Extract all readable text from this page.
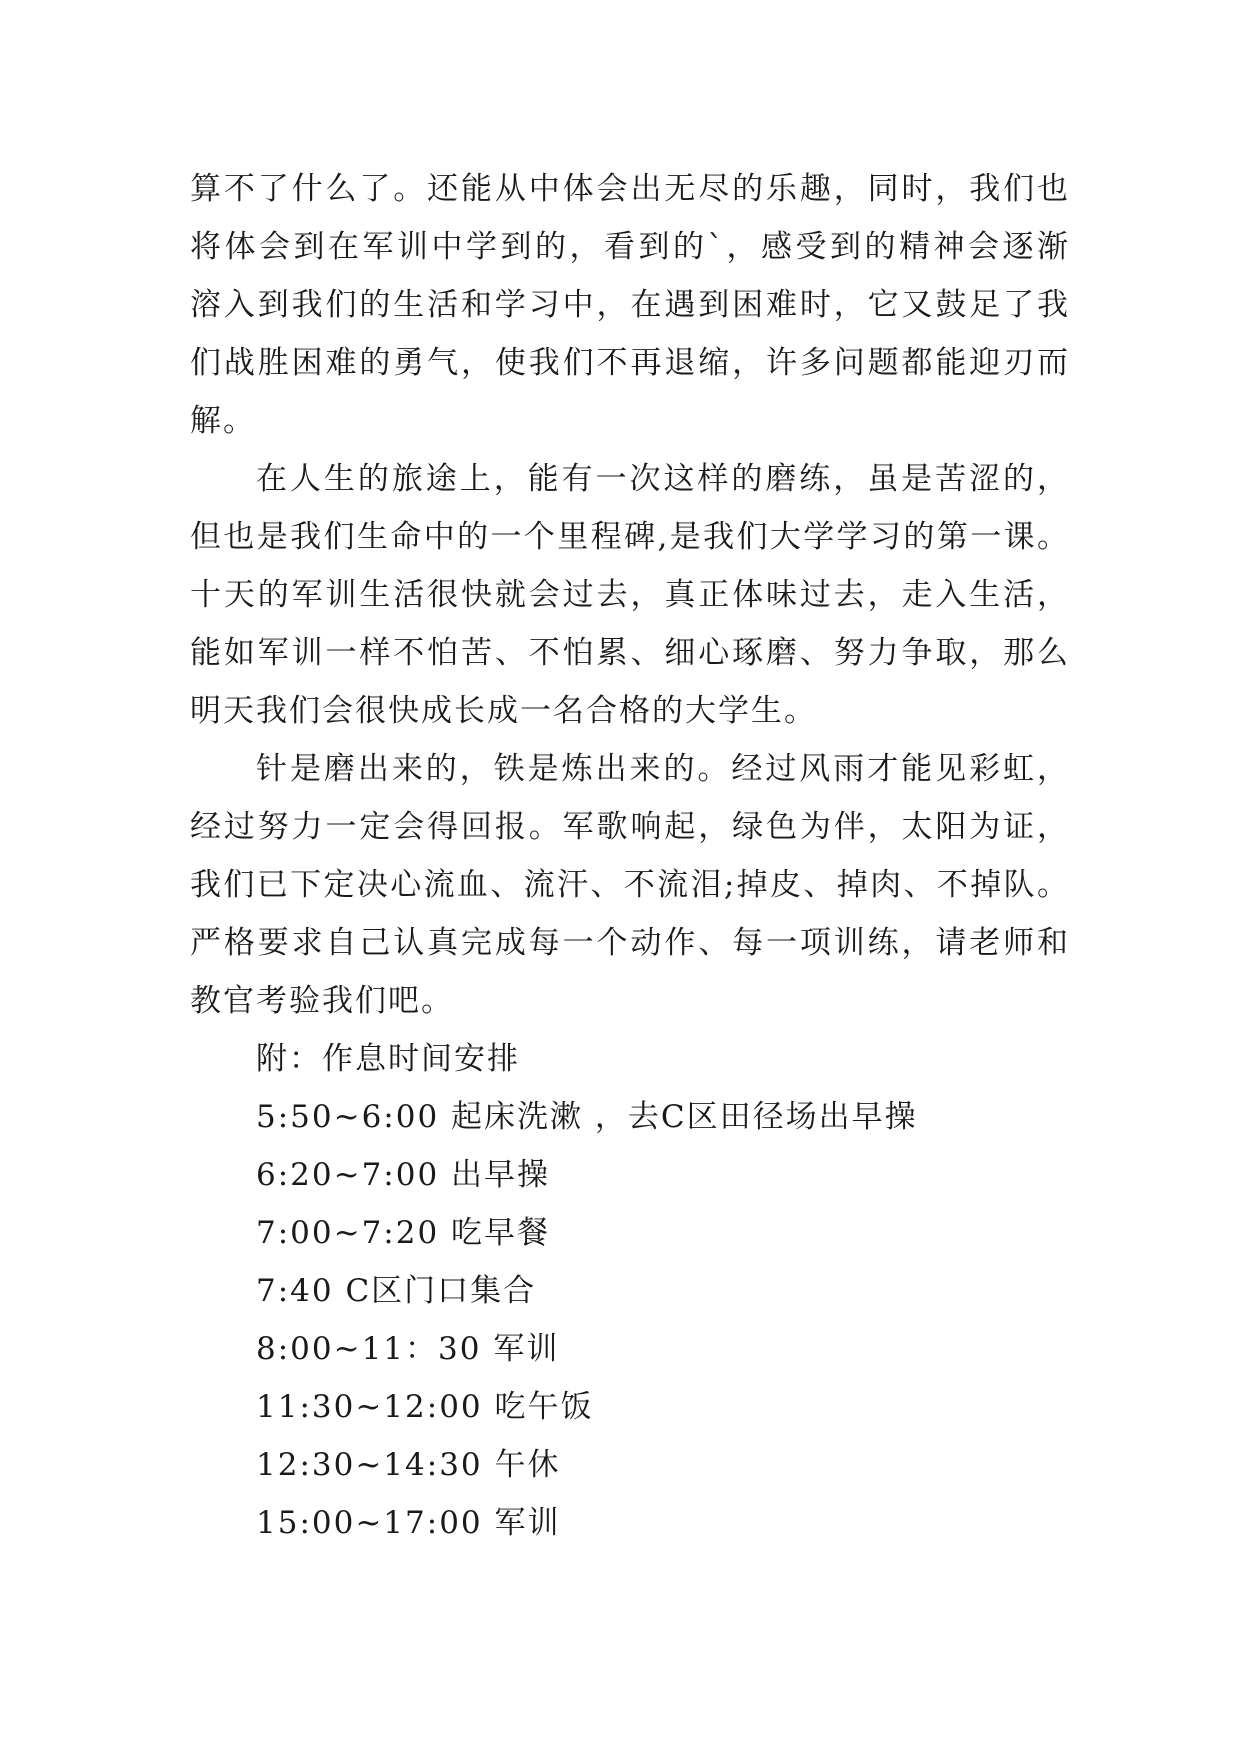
算不了什么了。还能从中体会出无尽的乐趣，同时，我们也
将体会到在军训中学到的，看到的`，感受到的精神会逐渐
溶入到我们的生活和学习中，在遇到困难时，它又鼓足了我
们战胜困难的勇气，使我们不再退缩，许多问题都能迎刃而
解。
在人生的旅途上，能有一次这样的磨练，虽是苦涩的，
但也是我们生命中的一个里程碑,是我们大学学习的第一课。
十天的军训生活很快就会过去，真正体味过去，走入生活，
能如军训一样不怕苦、不怕累、细心琢磨、努力争取，那么
明天我们会很快成长成一名合格的大学生。
针是磨出来的，铁是炼出来的。经过风雨才能见彩虹，
经过努力一定会得回报。军歌响起，绿色为伴，太阳为证，
我们已下定决心流血、流汗、不流泪;掉皮、掉肉、不掉队。
严格要求自己认真完成每一个动作、每一项训练，请老师和
教官考验我们吧。
附：作息时间安排
5:50~6:00 起床洗漱 ，去C区田径场出早操
6:20~7:00 出早操
7:00~7:20 吃早餐
7:40 C区门口集合
8:00~11：30 军训
11:30~12:00 吃午饭
12:30~14:30 午休
15:00~17:00 军训
